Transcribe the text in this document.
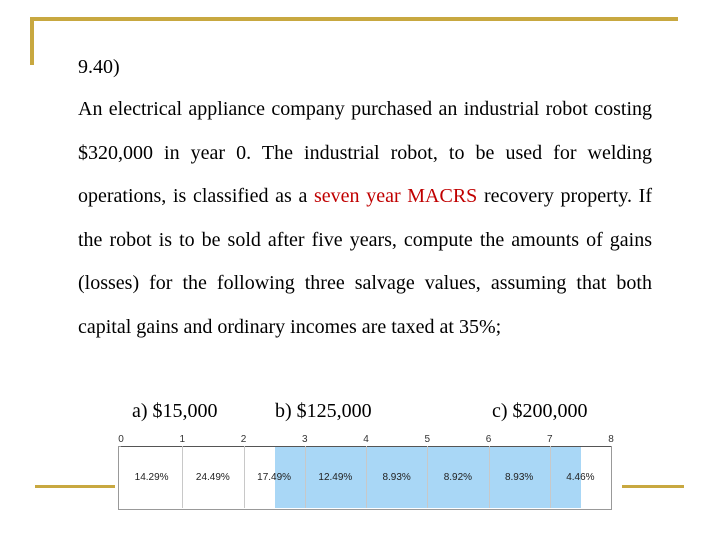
9.40)

An electrical appliance company purchased an industrial robot costing $320,000 in year 0. The industrial robot, to be used for welding operations, is classified as a seven year MACRS recovery property. If the robot is to be sold after five years, compute the amounts of gains (losses) for the following three salvage values, assuming that both capital gains and ordinary incomes are taxed at 35%;

a) $15,000	b) $125,000	c) $200,000
0	1	2	3	4	5	6	7	8
14.29%	24.49%	17.49%	12.49%	8.93%	8.92%	8.93%	4.46%
